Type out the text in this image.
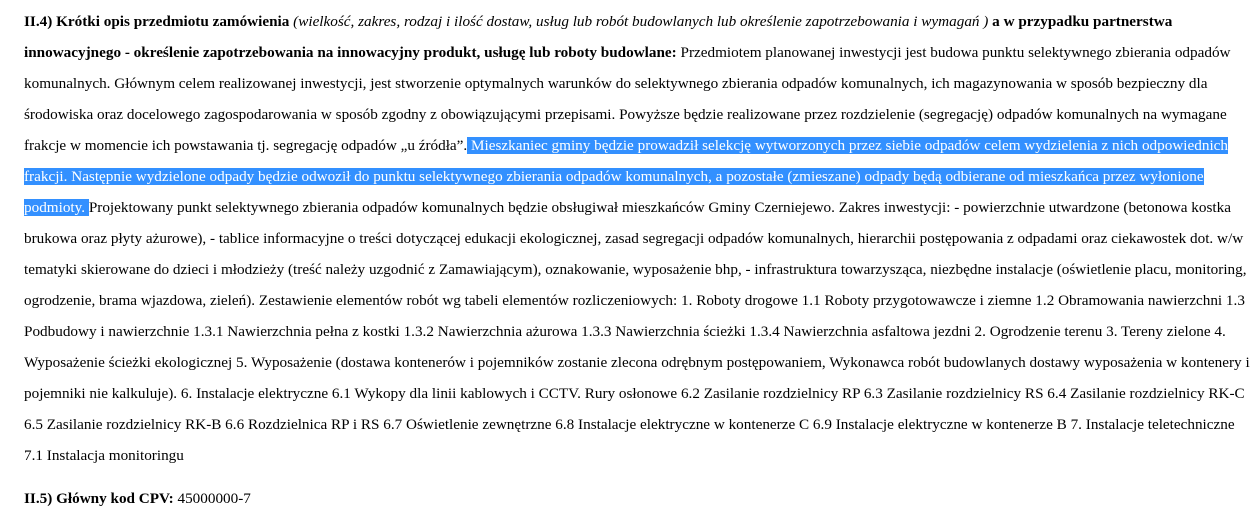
II.4) Krótki opis przedmiotu zamówienia (wielkość, zakres, rodzaj i ilość dostaw, usług lub robót budowlanych lub określenie zapotrzebowania i wymagań ) a w przypadku partnerstwa innowacyjnego - określenie zapotrzebowania na innowacyjny produkt, usługę lub roboty budowlane: Przedmiotem planowanej inwestycji jest budowa punktu selektywnego zbierania odpadów komunalnych. Głównym celem realizowanej inwestycji, jest stworzenie optymalnych warunków do selektywnego zbierania odpadów komunalnych, ich magazynowania w sposób bezpieczny dla środowiska oraz docelowego zagospodarowania w sposób zgodny z obowiązującymi przepisami. Powyższe będzie realizowane przez rozdzielenie (segregację) odpadów komunalnych na wymagane frakcje w momencie ich powstawania tj. segregację odpadów „u źródła”. Mieszkaniec gminy będzie prowadził selekcję wytworzonych przez siebie odpadów celem wydzielenia z nich odpowiednich frakcji. Następnie wydzielone odpady będzie odwoził do punktu selektywnego zbierania odpadów komunalnych, a pozostałe (zmieszane) odpady będą odbierane od mieszkańca przez wyłonione podmioty. Projektowany punkt selektywnego zbierania odpadów komunalnych będzie obsługiwał mieszkańców Gminy Czerniejewo. Zakres inwestycji: - powierzchnie utwardzone (betonowa kostka brukowa oraz płyty ażurowe), - tablice informacyjne o treści dotyczącej edukacji ekologicznej, zasad segregacji odpadów komunalnych, hierarchii postępowania z odpadami oraz ciekawostek dot. w/w tematyki skierowane do dzieci i młodzieży (treść należy uzgodnić z Zamawiającym), oznakowanie, wyposażenie bhp, - infrastruktura towarzysząca, niezbędne instalacje (oświetlenie placu, monitoring, ogrodzenie, brama wjazdowa, zieleń). Zestawienie elementów robót wg tabeli elementów rozliczeniowych: 1. Roboty drogowe 1.1 Roboty przygotowawcze i ziemne 1.2 Obramowania nawierzchni 1.3 Podbudowy i nawierzchnie 1.3.1 Nawierzchnia pełna z kostki 1.3.2 Nawierzchnia ażurowa 1.3.3 Nawierzchnia ścieżki 1.3.4 Nawierzchnia asfaltowa jezdni 2. Ogrodzenie terenu 3. Tereny zielone 4. Wyposażenie ścieżki ekologicznej 5. Wyposażenie (dostawa kontenerów i pojemników zostanie zlecona odrębnym postępowaniem, Wykonawca robót budowlanych dostawy wyposażenia w kontenery i pojemniki nie kalkuluje). 6. Instalacje elektryczne 6.1 Wykopy dla linii kablowych i CCTV. Rury osłonowe 6.2 Zasilanie rozdzielnicy RP 6.3 Zasilanie rozdzielnicy RS 6.4 Zasilanie rozdzielnicy RK-C 6.5 Zasilanie rozdzielnicy RK-B 6.6 Rozdzielnica RP i RS 6.7 Oświetlenie zewnętrzne 6.8 Instalacje elektryczne w kontenerze C 6.9 Instalacje elektryczne w kontenerze B 7. Instalacje teletechniczne 7.1 Instalacja monitoringu
II.5) Główny kod CPV: 45000000-7
